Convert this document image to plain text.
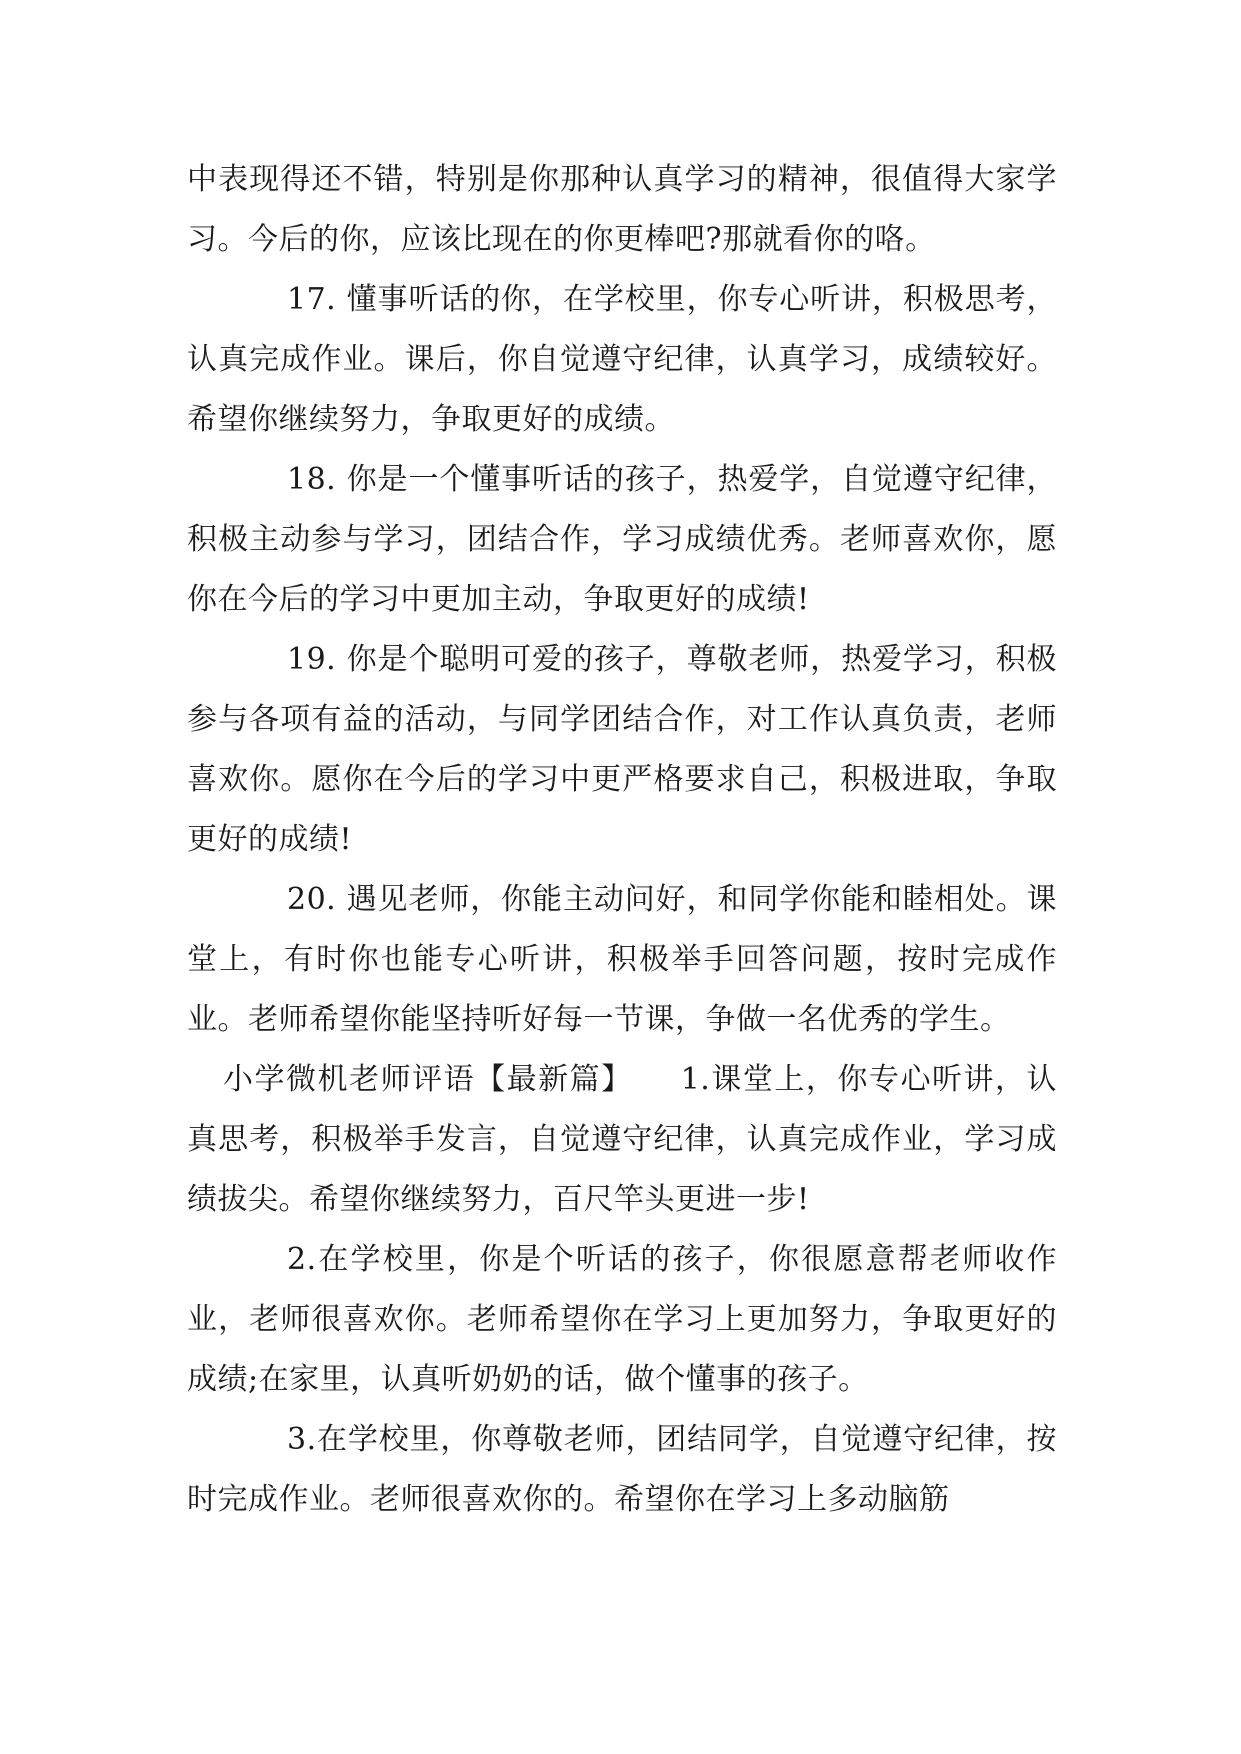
中表现得还不错，特别是你那种认真学习的精神，很值得大家学习。今后的你，应该比现在的你更棒吧?那就看你的咯。

17. 懂事听话的你，在学校里，你专心听讲，积极思考，认真完成作业。课后，你自觉遵守纪律，认真学习，成绩较好。希望你继续努力，争取更好的成绩。

18. 你是一个懂事听话的孩子，热爱学，自觉遵守纪律，积极主动参与学习，团结合作，学习成绩优秀。老师喜欢你，愿你在今后的学习中更加主动，争取更好的成绩!

19. 你是个聪明可爱的孩子，尊敬老师，热爱学习，积极参与各项有益的活动，与同学团结合作，对工作认真负责，老师喜欢你。愿你在今后的学习中更严格要求自己，积极进取，争取更好的成绩!

20. 遇见老师，你能主动问好，和同学你能和睦相处。课堂上，有时你也能专心听讲，积极举手回答问题，按时完成作业。老师希望你能坚持听好每一节课，争做一名优秀的学生。

小学微机老师评语【最新篇】　　1.课堂上，你专心听讲，认真思考，积极举手发言，自觉遵守纪律，认真完成作业，学习成绩拔尖。希望你继续努力，百尺竿头更进一步!

2.在学校里，你是个听话的孩子，你很愿意帮老师收作业，老师很喜欢你。老师希望你在学习上更加努力，争取更好的成绩;在家里，认真听奶奶的话，做个懂事的孩子。

3.在学校里，你尊敬老师，团结同学，自觉遵守纪律，按时完成作业。老师很喜欢你的。希望你在学习上多动脑筋
